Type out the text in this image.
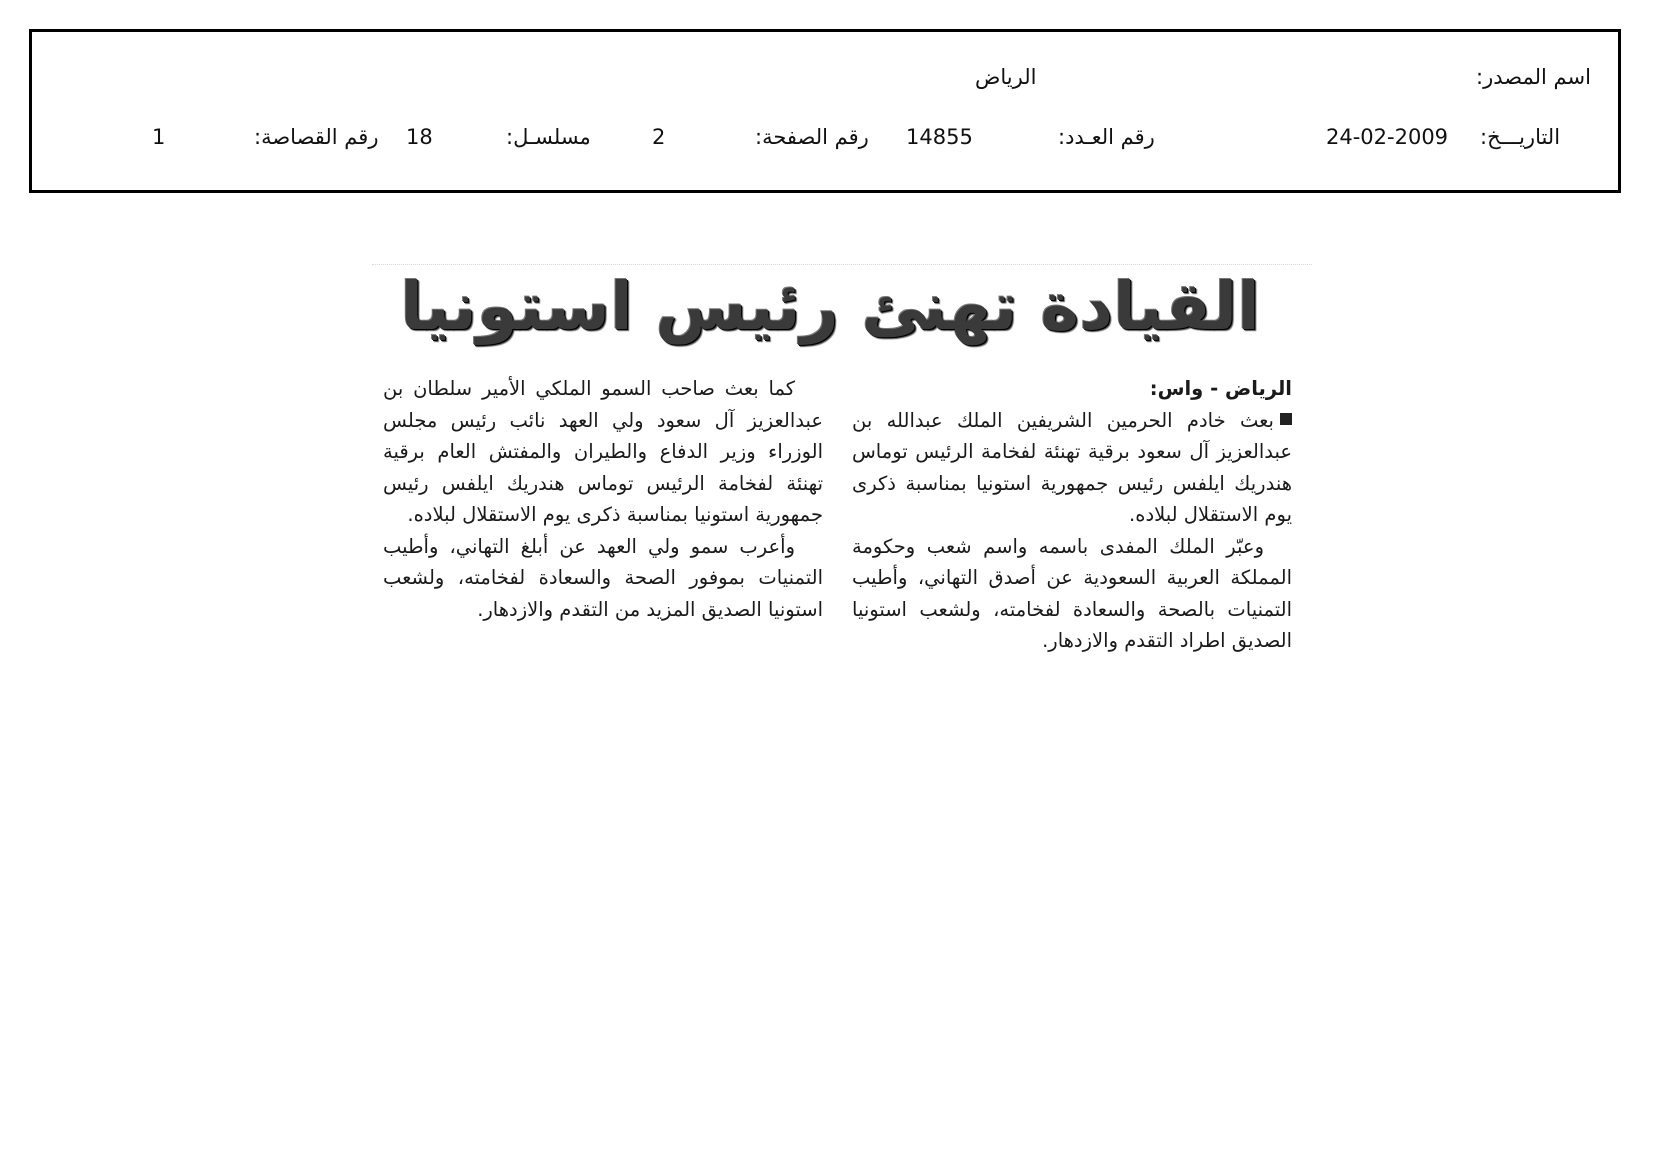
اسم المصدر:
الرياض
التاريـــخ:
24-02-2009
رقم العـدد:
14855
رقم الصفحة:
2
مسلسـل:
18
رقم القصاصة:
1
القيادة تهنئ رئيس استونيا

الرياض - واس:

بعث خادم الحرمين الشريفين الملك عبدالله بن عبدالعزيز آل سعود برقية تهنئة لفخامة الرئيس توماس هندريك ايلفس رئيس جمهورية استونيا بمناسبة ذكرى يوم الاستقلال لبلاده.

وعبّر الملك المفدى باسمه واسم شعب وحكومة المملكة العربية السعودية عن أصدق التهاني، وأطيب التمنيات بالصحة والسعادة لفخامته، ولشعب استونيا الصديق اطراد التقدم والازدهار.

كما بعث صاحب السمو الملكي الأمير سلطان بن عبدالعزيز آل سعود ولي العهد نائب رئيس مجلس الوزراء وزير الدفاع والطيران والمفتش العام برقية تهنئة لفخامة الرئيس توماس هندريك ايلفس رئيس جمهورية استونيا بمناسبة ذكرى يوم الاستقلال لبلاده.

وأعرب سمو ولي العهد عن أبلغ التهاني، وأطيب التمنيات بموفور الصحة والسعادة لفخامته، ولشعب استونيا الصديق المزيد من التقدم والازدهار.
